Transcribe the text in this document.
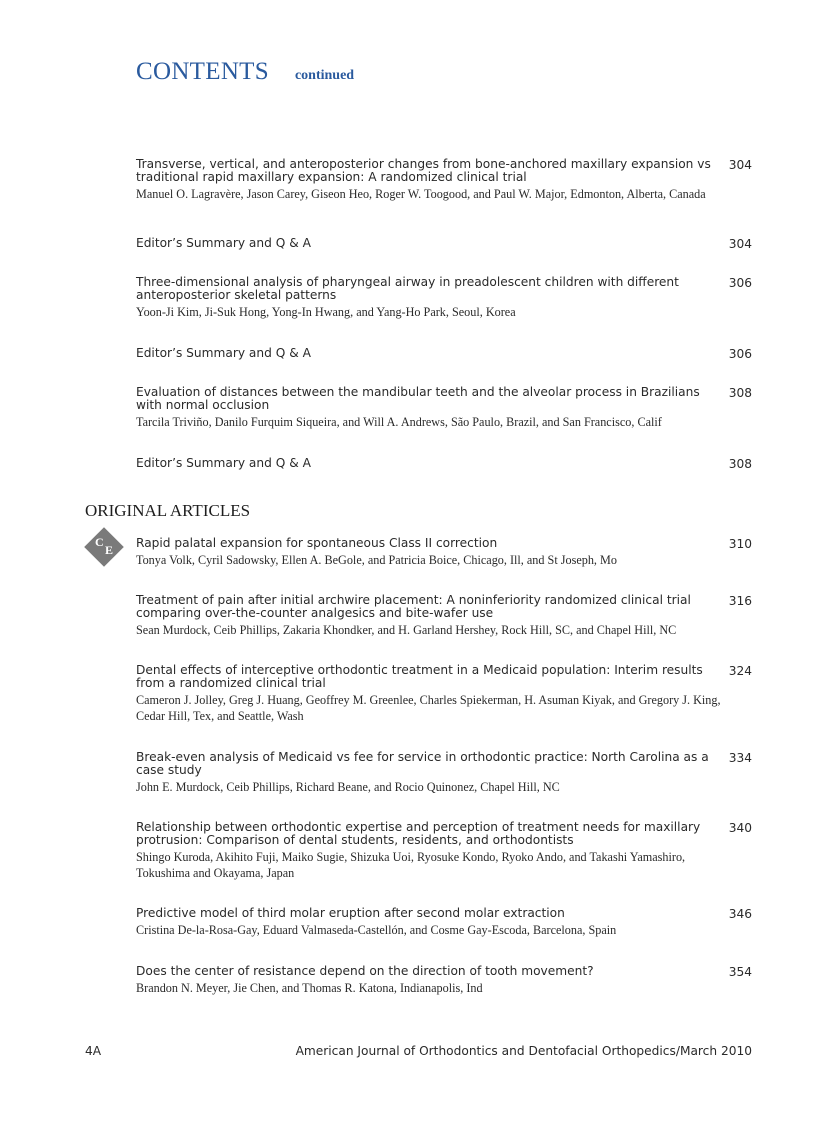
CONTENTS continued
Transverse, vertical, and anteroposterior changes from bone-anchored maxillary expansion vs traditional rapid maxillary expansion: A randomized clinical trial
Manuel O. Lagravère, Jason Carey, Giseon Heo, Roger W. Toogood, and Paul W. Major, Edmonton, Alberta, Canada
304
Editor’s Summary and Q & A	304
Three-dimensional analysis of pharyngeal airway in preadolescent children with different anteroposterior skeletal patterns
Yoon-Ji Kim, Ji-Suk Hong, Yong-In Hwang, and Yang-Ho Park, Seoul, Korea
306
Editor’s Summary and Q & A	306
Evaluation of distances between the mandibular teeth and the alveolar process in Brazilians with normal occlusion
Tarcila Triviño, Danilo Furquim Siqueira, and Will A. Andrews, São Paulo, Brazil, and San Francisco, Calif
308
Editor’s Summary and Q & A	308
ORIGINAL ARTICLES
C
E Rapid palatal expansion for spontaneous Class II correction
Tonya Volk, Cyril Sadowsky, Ellen A. BeGole, and Patricia Boice, Chicago, Ill, and St Joseph, Mo
310
Treatment of pain after initial archwire placement: A noninferiority randomized clinical trial comparing over-the-counter analgesics and bite-wafer use
Sean Murdock, Ceib Phillips, Zakaria Khondker, and H. Garland Hershey, Rock Hill, SC, and Chapel Hill, NC
316
Dental effects of interceptive orthodontic treatment in a Medicaid population: Interim results from a randomized clinical trial
Cameron J. Jolley, Greg J. Huang, Geoffrey M. Greenlee, Charles Spiekerman, H. Asuman Kiyak, and Gregory J. King, Cedar Hill, Tex, and Seattle, Wash
324
Break-even analysis of Medicaid vs fee for service in orthodontic practice: North Carolina as a case study
John E. Murdock, Ceib Phillips, Richard Beane, and Rocio Quinonez, Chapel Hill, NC
334
Relationship between orthodontic expertise and perception of treatment needs for maxillary protrusion: Comparison of dental students, residents, and orthodontists
Shingo Kuroda, Akihito Fuji, Maiko Sugie, Shizuka Uoi, Ryosuke Kondo, Ryoko Ando, and Takashi Yamashiro, Tokushima and Okayama, Japan
340
Predictive model of third molar eruption after second molar extraction
Cristina De-la-Rosa-Gay, Eduard Valmaseda-Castellón, and Cosme Gay-Escoda, Barcelona, Spain
346
Does the center of resistance depend on the direction of tooth movement?
Brandon N. Meyer, Jie Chen, and Thomas R. Katona, Indianapolis, Ind
354
4A	American Journal of Orthodontics and Dentofacial Orthopedics/March 2010
